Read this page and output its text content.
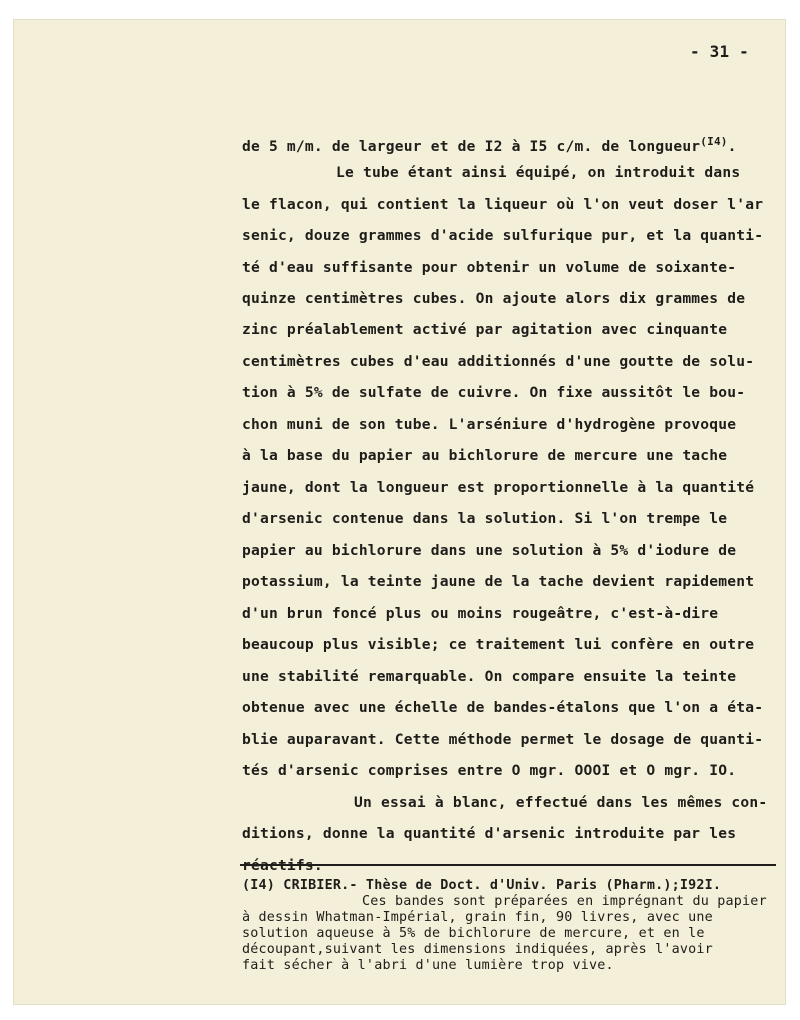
- 31 -
de 5 m/m. de largeur et de I2 à I5 c/m. de longueur$^{(I4)}$.
Le tube étant ainsi équipé, on introduit dans
le flacon, qui contient la liqueur où l'on veut doser l'ar
senic, douze grammes d'acide sulfurique pur, et la quanti-
té d'eau suffisante pour obtenir un volume de soixante-
quinze centimètres cubes. On ajoute alors dix grammes de
zinc préalablement activé par agitation avec cinquante
centimètres cubes d'eau additionnés d'une goutte de solu-
tion à 5% de sulfate de cuivre. On fixe aussitôt le bou-
chon muni de son tube. L'arséniure d'hydrogène provoque
à la base du papier au bichlorure de mercure une tache
jaune, dont la longueur est proportionnelle à la quantité
d'arsenic contenue dans la solution. Si l'on trempe le
papier au bichlorure dans une solution à 5% d'iodure de
potassium, la teinte jaune de la tache devient rapidement
d'un brun foncé plus ou moins rougeâtre, c'est-à-dire
beaucoup plus visible; ce traitement lui confère en outre
une stabilité remarquable. On compare ensuite la teinte
obtenue avec une échelle de bandes-étalons que l'on a éta-
blie auparavant. Cette méthode permet le dosage de quanti-
tés d'arsenic comprises entre O mgr. OOOI et O mgr. IO.
Un essai à blanc, effectué dans les mêmes con-
ditions, donne la quantité d'arsenic introduite par les
(I4) CRIBIER.- Thèse de Doct. d'Univ. Paris (Pharm.);I92I.
Ces bandes sont préparées en imprégnant du papier
à dessin Whatman-Impérial, grain fin, 90 livres, avec une
solution aqueuse à 5% de bichlorure de mercure, et en le
découpant,suivant les dimensions indiquées, après l'avoir
fait sécher à l'abri d'une lumière trop vive.
